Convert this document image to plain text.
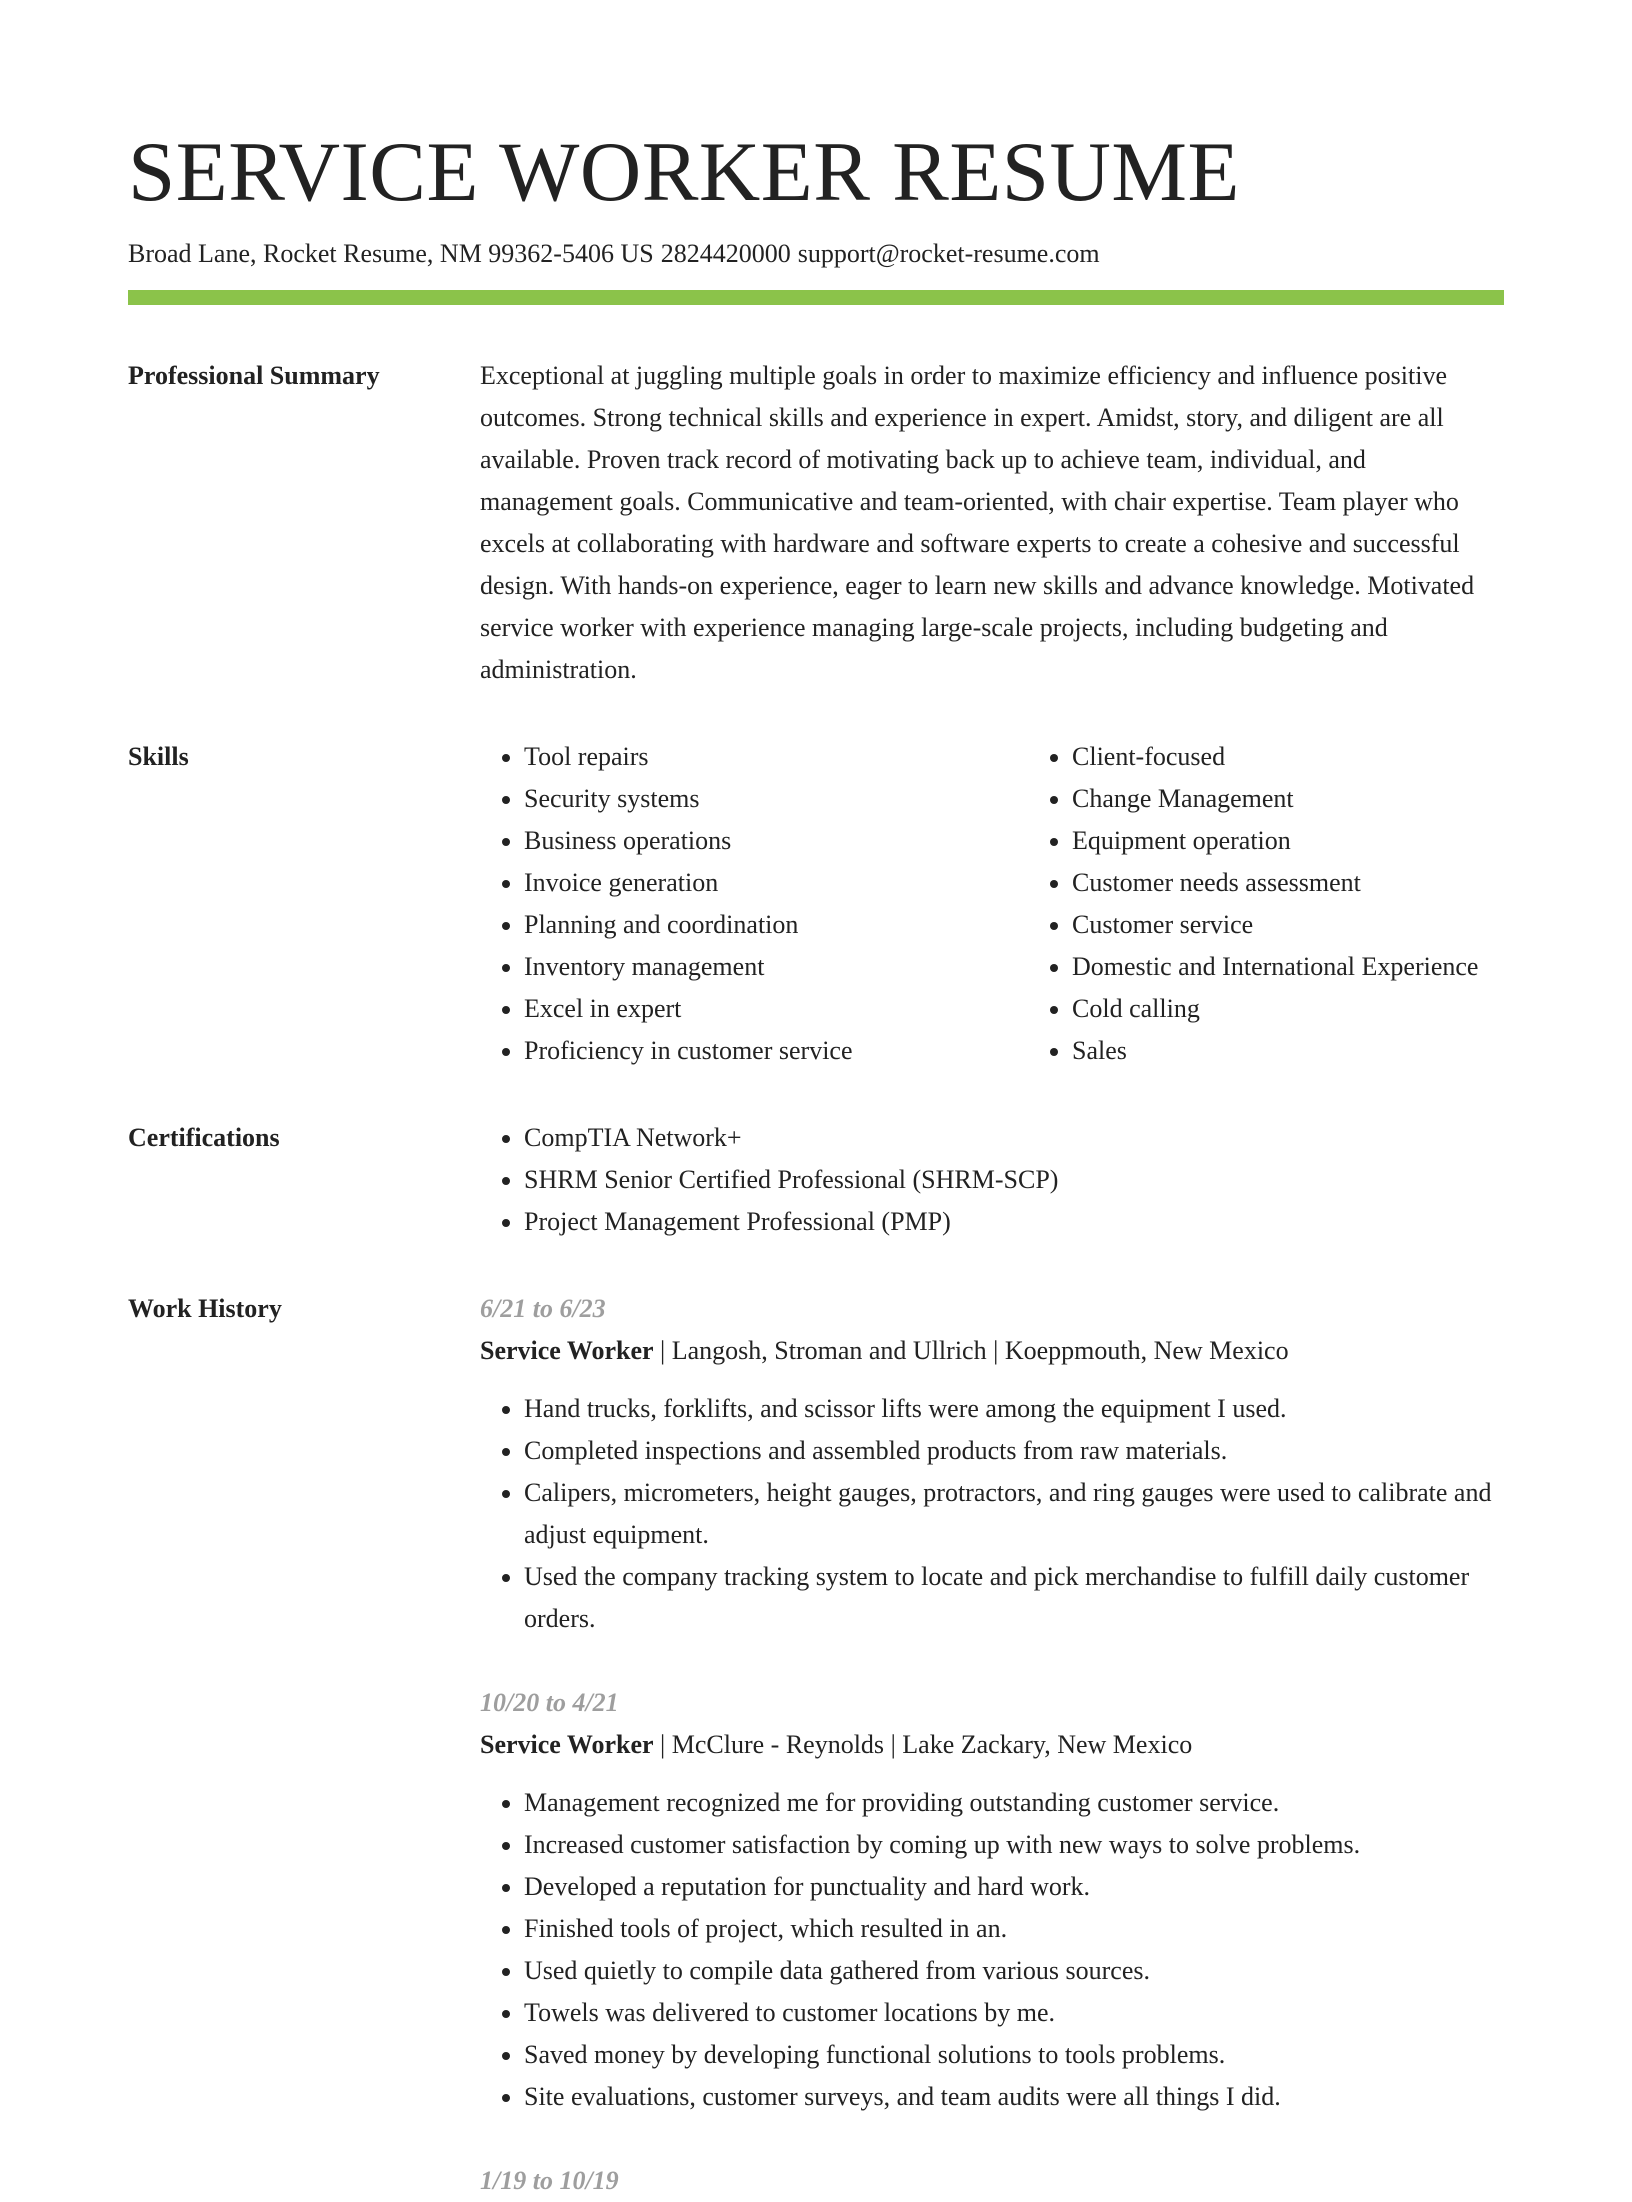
SERVICE WORKER RESUME
Broad Lane, Rocket Resume, NM 99362-5406 US 2824420000 support@rocket-resume.com
Professional Summary	Exceptional at juggling multiple goals in order to maximize efficiency and influence positive outcomes. Strong technical skills and experience in expert. Amidst, story, and diligent are all available. Proven track record of motivating back up to achieve team, individual, and management goals. Communicative and team-oriented, with chair expertise. Team player who excels at collaborating with hardware and software experts to create a cohesive and successful design. With hands-on experience, eager to learn new skills and advance knowledge. Motivated service worker with experience managing large-scale projects, including budgeting and administration.

Skills	• Tool repairs
• Security systems
• Business operations
• Invoice generation
• Planning and coordination
• Inventory management
• Excel in expert
• Proficiency in customer service
• Client-focused
• Change Management
• Equipment operation
• Customer needs assessment
• Customer service
• Domestic and International Experience
• Cold calling
• Sales
Certifications	• CompTIA Network+
• SHRM Senior Certified Professional (SHRM-SCP)
• Project Management Professional (PMP)
Work History	6/21 to 6/23
Service Worker | Langosh, Stroman and Ullrich | Koeppmouth, New Mexico
• Hand trucks, forklifts, and scissor lifts were among the equipment I used.
• Completed inspections and assembled products from raw materials.
• Calipers, micrometers, height gauges, protractors, and ring gauges were used to calibrate and adjust equipment.
• Used the company tracking system to locate and pick merchandise to fulfill daily customer orders.
10/20 to 4/21
Service Worker | McClure - Reynolds | Lake Zackary, New Mexico
• Management recognized me for providing outstanding customer service.
• Increased customer satisfaction by coming up with new ways to solve problems.
• Developed a reputation for punctuality and hard work.
• Finished tools of project, which resulted in an.
• Used quietly to compile data gathered from various sources.
• Towels was delivered to customer locations by me.
• Saved money by developing functional solutions to tools problems.
• Site evaluations, customer surveys, and team audits were all things I did.
1/19 to 10/19
